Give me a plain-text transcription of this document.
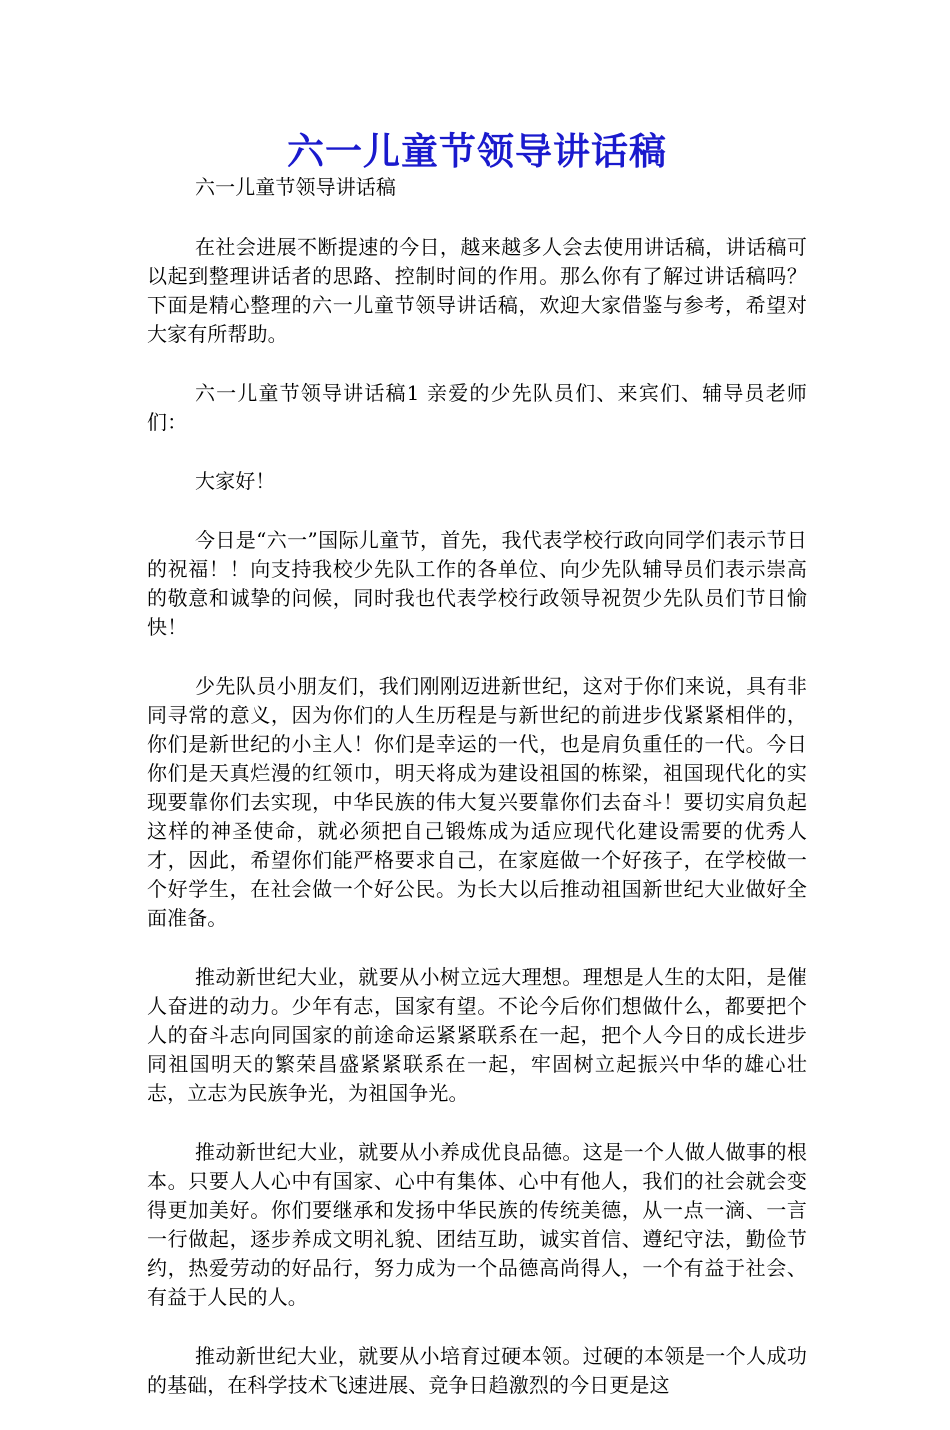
六一儿童节领导讲话稿

六一儿童节领导讲话稿

在社会进展不断提速的今日，越来越多人会去使用讲话稿，讲话稿可以起到整理讲话者的思路、控制时间的作用。那么你有了解过讲话稿吗？下面是精心整理的六一儿童节领导讲话稿，欢迎大家借鉴与参考，希望对大家有所帮助。

六一儿童节领导讲话稿1 亲爱的少先队员们、来宾们、辅导员老师们：

大家好！

今日是“六一”国际儿童节，首先，我代表学校行政向同学们表示节日的祝福！！向支持我校少先队工作的各单位、向少先队辅导员们表示崇高的敬意和诚挚的问候，同时我也代表学校行政领导祝贺少先队员们节日愉快！

少先队员小朋友们，我们刚刚迈进新世纪，这对于你们来说，具有非同寻常的意义，因为你们的人生历程是与新世纪的前进步伐紧紧相伴的，你们是新世纪的小主人！你们是幸运的一代，也是肩负重任的一代。今日你们是天真烂漫的红领巾，明天将成为建设祖国的栋梁，祖国现代化的实现要靠你们去实现，中华民族的伟大复兴要靠你们去奋斗！要切实肩负起这样的神圣使命，就必须把自己锻炼成为适应现代化建设需要的优秀人才，因此，希望你们能严格要求自己，在家庭做一个好孩子，在学校做一个好学生，在社会做一个好公民。为长大以后推动祖国新世纪大业做好全面准备。

推动新世纪大业，就要从小树立远大理想。理想是人生的太阳，是催人奋进的动力。少年有志，国家有望。不论今后你们想做什么，都要把个人的奋斗志向同国家的前途命运紧紧联系在一起，把个人今日的成长进步同祖国明天的繁荣昌盛紧紧联系在一起，牢固树立起振兴中华的雄心壮志，立志为民族争光，为祖国争光。

推动新世纪大业，就要从小养成优良品德。这是一个人做人做事的根本。只要人人心中有国家、心中有集体、心中有他人，我们的社会就会变得更加美好。你们要继承和发扬中华民族的传统美德，从一点一滴、一言一行做起，逐步养成文明礼貌、团结互助，诚实首信、遵纪守法，勤俭节约，热爱劳动的好品行，努力成为一个品德高尚得人，一个有益于社会、有益于人民的人。

推动新世纪大业，就要从小培育过硬本领。过硬的本领是一个人成功的基础，在科学技术飞速进展、竞争日趋激烈的今日更是这
